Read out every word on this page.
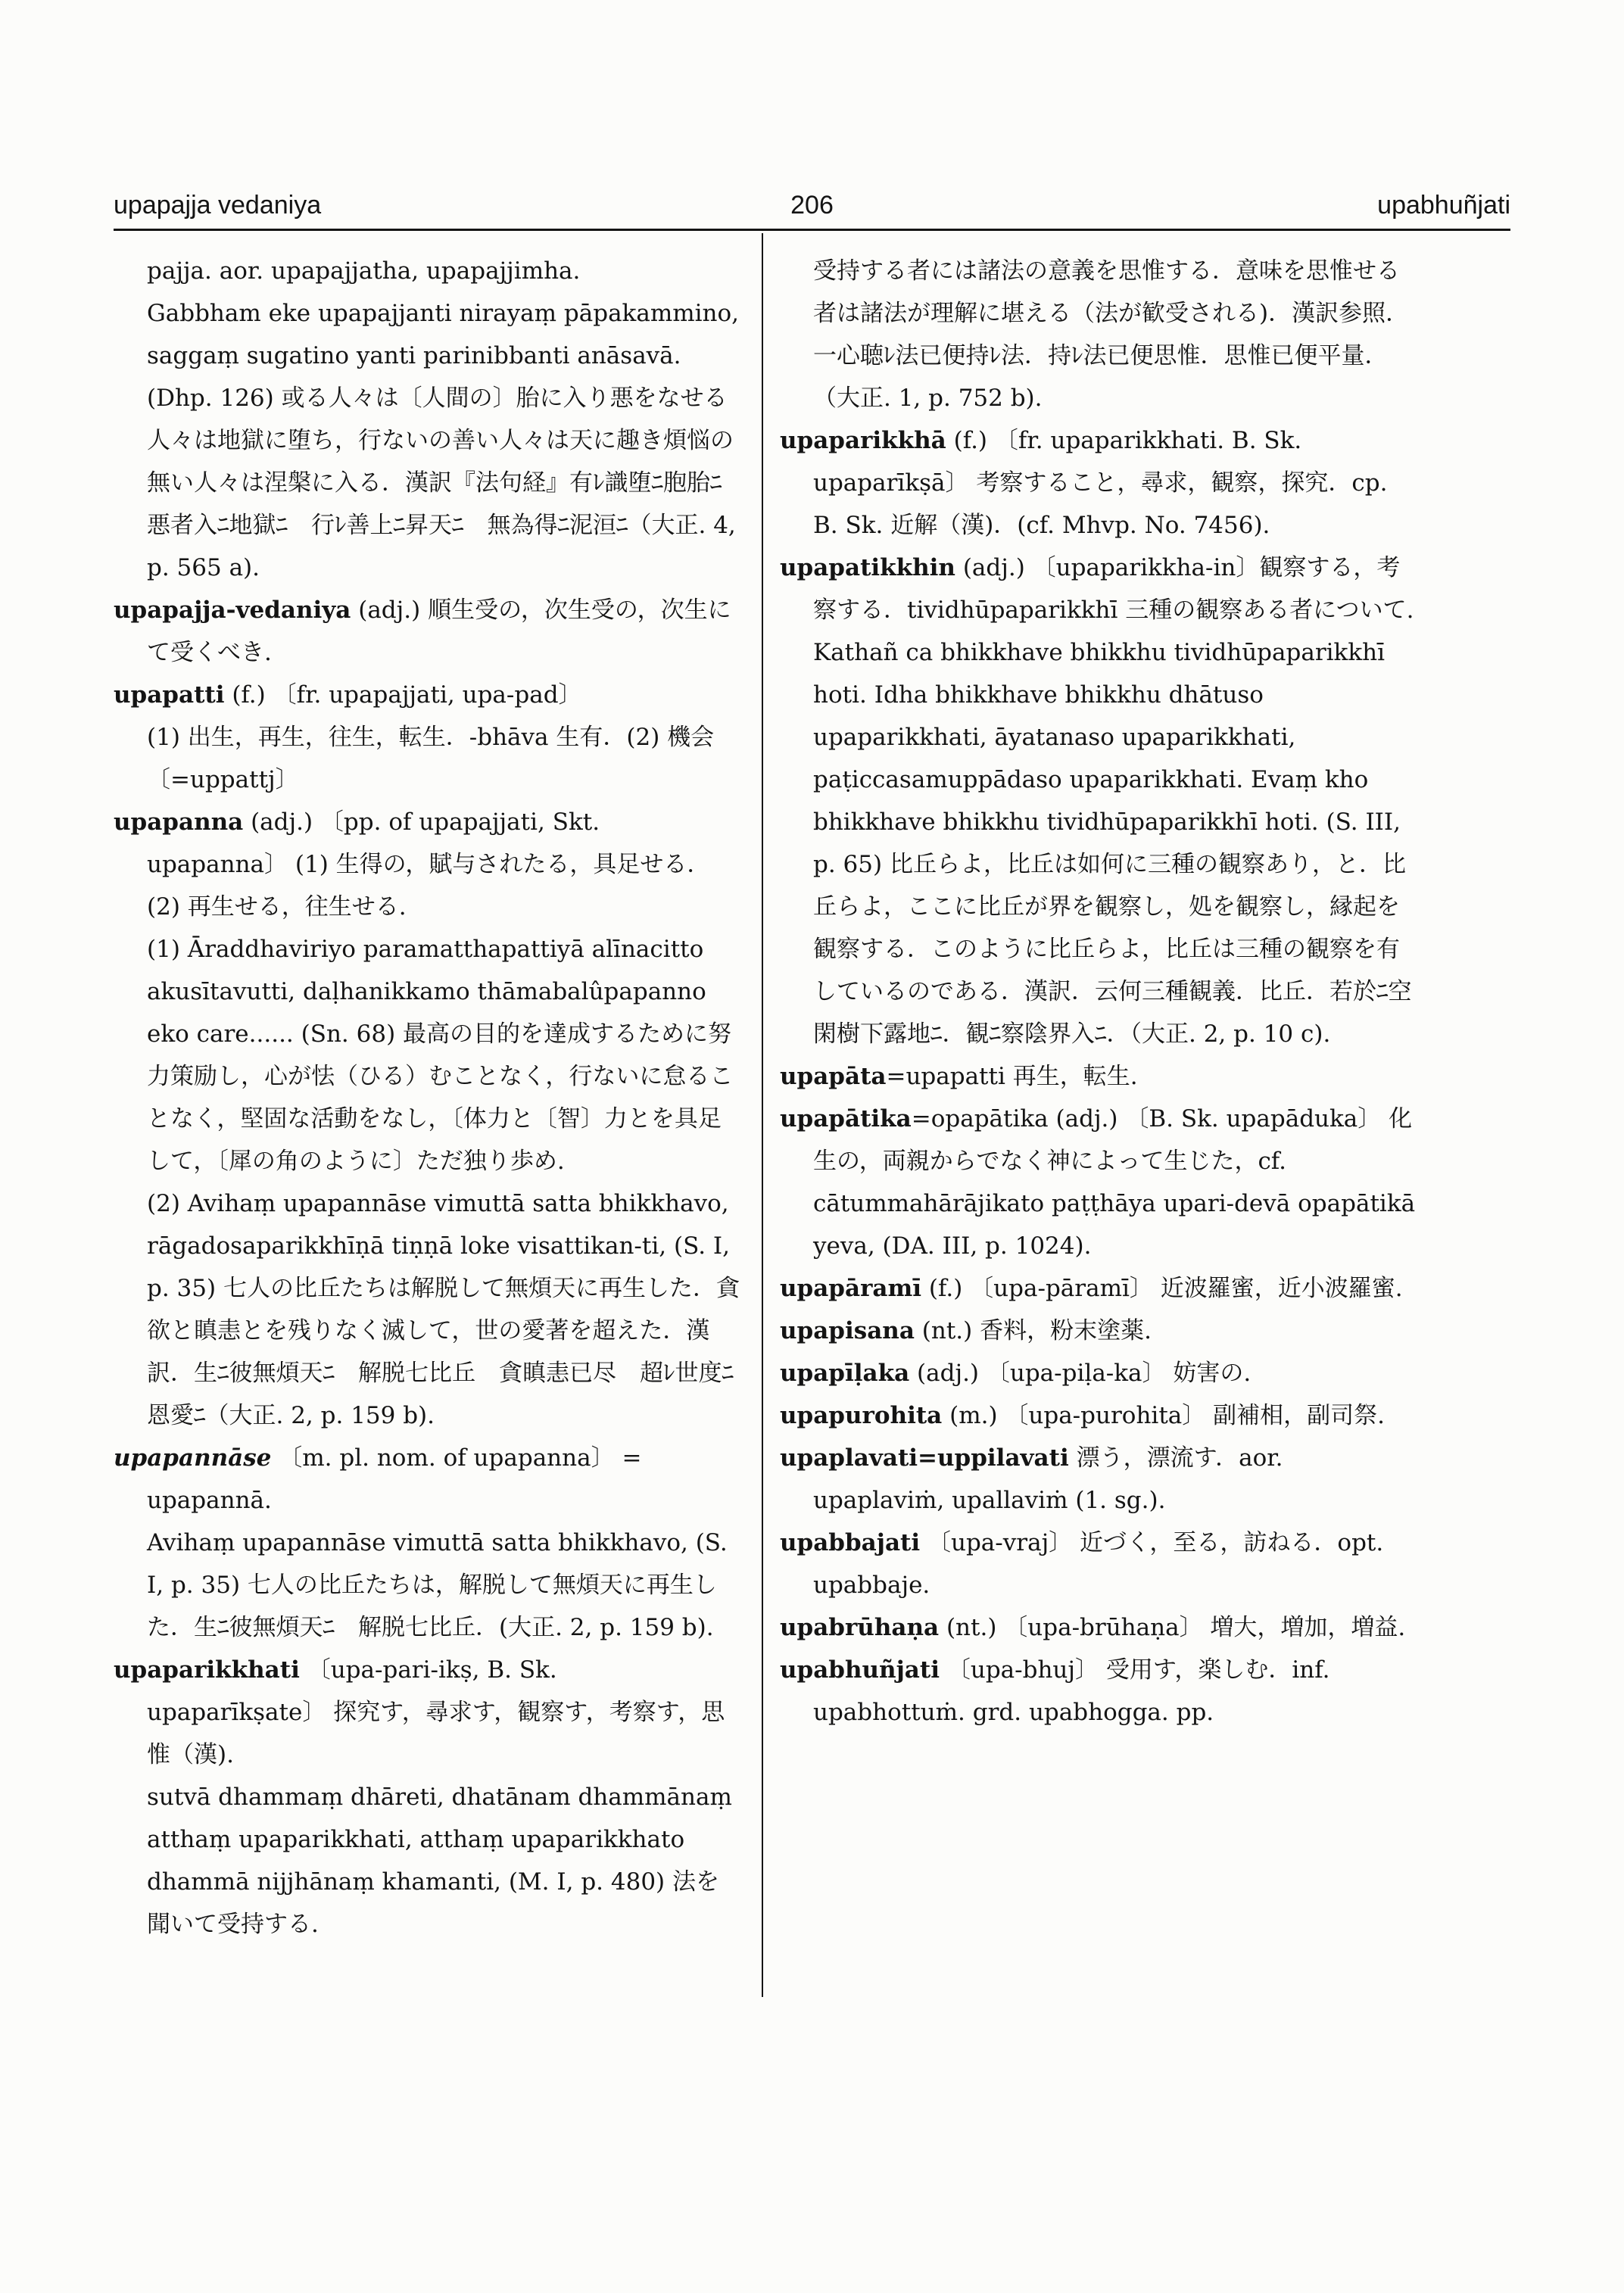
upapajja vedaniya	206	upabhuñjati

pajja. aor. upapajjatha, upapajjimha.

Gabbham eke upapajjanti nirayaṃ pāpakammino, saggaṃ sugatino yanti parinibbanti anāsavā. (Dhp. 126) 或る人々は〔人間の〕胎に入り悪をなせる人々は地獄に堕ち，行ないの善い人々は天に趣き煩悩の無い人々は涅槃に入る．漢訳『法句経』有ﾚ識堕ﾆ胞胎ﾆ　悪者入ﾆ地獄ﾆ　行ﾚ善上ﾆ昇天ﾆ　無為得ﾆ泥洹ﾆ（大正. 4, p. 565 a).

upapajja-vedaniya (adj.) 順生受の，次生受の，次生にて受くべき.

upapatti (f.) 〔fr. upapajjati, upa-pad〕

(1) 出生，再生，往生，転生．-bhāva 生有．(2) 機会〔=uppattj〕

upapanna (adj.) 〔pp. of upapajjati, Skt. upapanna〕 (1) 生得の，賦与されたる，具足せる．(2) 再生せる，往生せる.

(1) Āraddhaviriyo paramatthapattiyā alīnacitto akusītavutti, daḷhanikkamo thāmabalûpapanno eko care...... (Sn. 68) 最高の目的を達成するために努力策励し，心が怯（ひる）むことなく，行ないに怠ることなく，堅固な活動をなし，〔体力と〔智〕力とを具足して，〔犀の角のように〕ただ独り歩め.

(2) Avihaṃ upapannāse vimuttā satta bhikkhavo, rāgadosaparikkhīṇā tiṇṇā loke visattikan-ti, (S. I, p. 35) 七人の比丘たちは解脱して無煩天に再生した．貪欲と瞋恚とを残りなく滅して，世の愛著を超えた．漢訳．生ﾆ彼無煩天ﾆ　解脱七比丘　貪瞋恚已尽　超ﾚ世度ﾆ恩愛ﾆ（大正. 2, p. 159 b).

upapannāse 〔m. pl. nom. of upapanna〕 = upapannā.

Avihaṃ upapannāse vimuttā satta bhikkhavo, (S. I, p. 35) 七人の比丘たちは，解脱して無煩天に再生した．生ﾆ彼無煩天ﾆ　解脱七比丘．(大正. 2, p. 159 b).

upaparikkhati 〔upa-pari-ikṣ, B. Sk. upaparīkṣate〕 探究す，尋求す，観察す，考察す，思惟（漢).

sutvā dhammaṃ dhāreti, dhatānam dhammānaṃ atthaṃ upaparikkhati, atthaṃ upaparikkhato dhammā nijjhānaṃ khamanti, (M. I, p. 480) 法を聞いて受持する.

受持する者には諸法の意義を思惟する．意味を思惟せる者は諸法が理解に堪える（法が歓受される)．漢訳参照．一心聴ﾚ法已便持ﾚ法．持ﾚ法已便思惟．思惟已便平量．（大正. 1, p. 752 b).

upaparikkhā (f.) 〔fr. upaparikkhati. B. Sk. upaparīkṣā〕 考察すること，尋求，観察，探究．cp. B. Sk. 近解（漢)．(cf. Mhvp. No. 7456).

upapatikkhin (adj.) 〔upaparikkha-in〕観察する，考察する．tividhūpaparikkhī 三種の観察ある者について.

Kathañ ca bhikkhave bhikkhu tividhūpaparikkhī hoti. Idha bhikkhave bhikkhu dhātuso upaparikkhati, āyatanaso upaparikkhati, paṭiccasamuppādaso upaparikkhati. Evaṃ kho bhikkhave bhikkhu tividhūpaparikkhī hoti. (S. III, p. 65) 比丘らよ，比丘は如何に三種の観察あり，と．比丘らよ，ここに比丘が界を観察し，処を観察し，縁起を観察する．このように比丘らよ，比丘は三種の観察を有しているのである．漢訳．云何三種観義．比丘．若於ﾆ空閑樹下露地ﾆ．観ﾆ察陰界入ﾆ．（大正. 2, p. 10 c).

upapāta=upapatti 再生，転生.

upapātika=opapātika (adj.) 〔B. Sk. upapāduka〕 化生の，両親からでなく神によって生じた，cf. cātummahārājikato paṭṭhāya upari-devā opapātikā yeva, (DA. III, p. 1024).

upapāramī (f.) 〔upa-pāramī〕 近波羅蜜，近小波羅蜜.

upapisana (nt.) 香料，粉末塗薬.

upapīḷaka (adj.) 〔upa-piḷa-ka〕 妨害の.

upapurohita (m.) 〔upa-purohita〕 副補相，副司祭.

upaplavati=uppilavati 漂う，漂流す．aor. upaplaviṁ, upallaviṁ (1. sg.).

upabbajati 〔upa-vraj〕 近づく，至る，訪ねる．opt. upabbaje.

upabrūhaṇa (nt.) 〔upa-brūhaṇa〕 増大，増加，増益.

upabhuñjati 〔upa-bhuj〕 受用す，楽しむ．inf. upabhottuṁ. grd. upabhogga. pp.
